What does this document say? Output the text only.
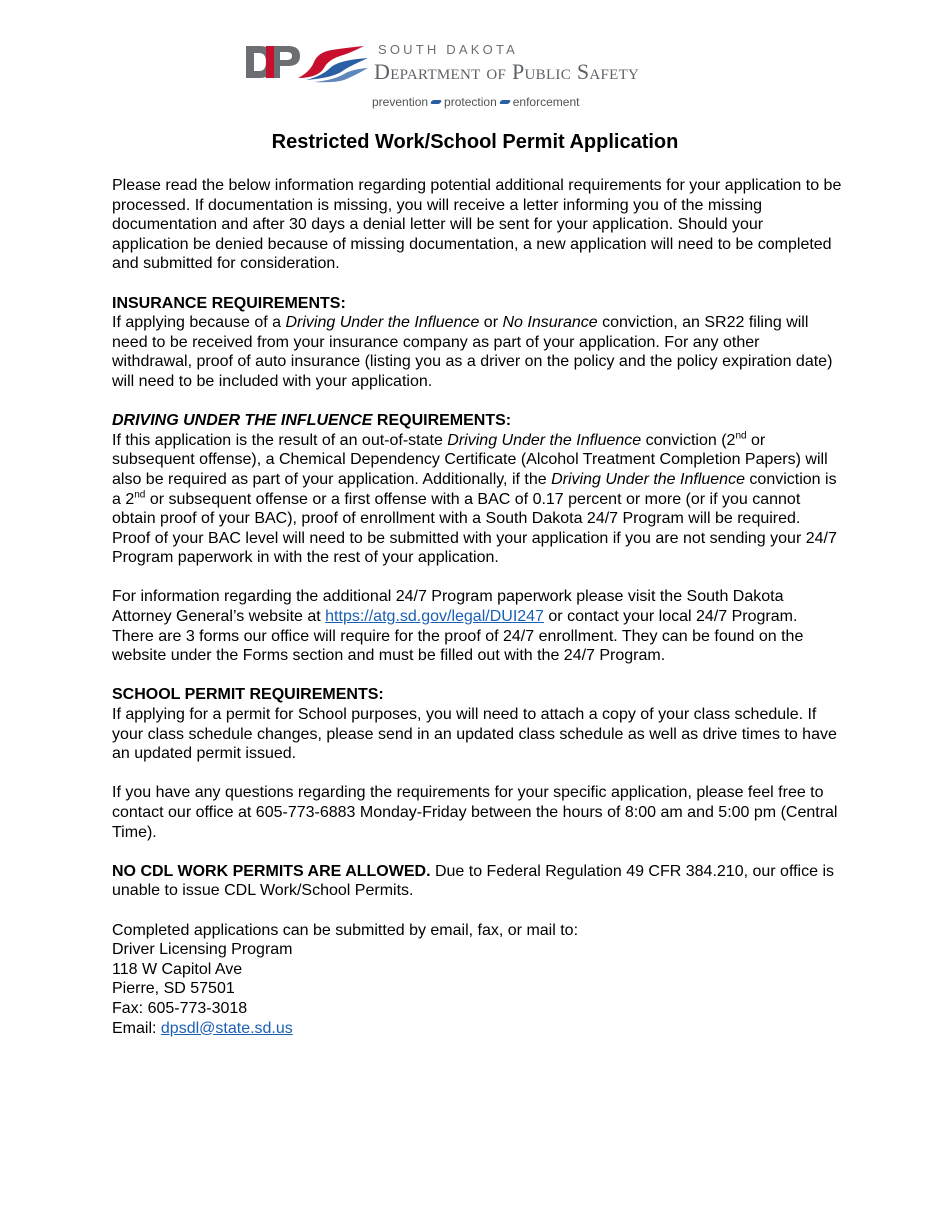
SOUTH DAKOTA
Department of Public Safety
prevention protection enforcement
Restricted Work/School Permit Application

Please read the below information regarding potential additional requirements for your application to be processed. If documentation is missing, you will receive a letter informing you of the missing documentation and after 30 days a denial letter will be sent for your application. Should your application be denied because of missing documentation, a new application will need to be completed and submitted for consideration.

INSURANCE REQUIREMENTS:
If applying because of a Driving Under the Influence or No Insurance conviction, an SR22 filing will need to be received from your insurance company as part of your application. For any other withdrawal, proof of auto insurance (listing you as a driver on the policy and the policy expiration date) will need to be included with your application.

DRIVING UNDER THE INFLUENCE REQUIREMENTS:
If this application is the result of an out-of-state Driving Under the Influence conviction (2nd or subsequent offense), a Chemical Dependency Certificate (Alcohol Treatment Completion Papers) will also be required as part of your application. Additionally, if the Driving Under the Influence conviction is a 2nd or subsequent offense or a first offense with a BAC of 0.17 percent or more (or if you cannot obtain proof of your BAC), proof of enrollment with a South Dakota 24/7 Program will be required. Proof of your BAC level will need to be submitted with your application if you are not sending your 24/7 Program paperwork in with the rest of your application.

For information regarding the additional 24/7 Program paperwork please visit the South Dakota Attorney General’s website at https://atg.sd.gov/legal/DUI247 or contact your local 24/7 Program. There are 3 forms our office will require for the proof of 24/7 enrollment. They can be found on the website under the Forms section and must be filled out with the 24/7 Program.

SCHOOL PERMIT REQUIREMENTS:
If applying for a permit for School purposes, you will need to attach a copy of your class schedule. If your class schedule changes, please send in an updated class schedule as well as drive times to have an updated permit issued.

If you have any questions regarding the requirements for your specific application, please feel free to contact our office at 605-773-6883 Monday-Friday between the hours of 8:00 am and 5:00 pm (Central Time).

NO CDL WORK PERMITS ARE ALLOWED. Due to Federal Regulation 49 CFR 384.210, our office is unable to issue CDL Work/School Permits.

Completed applications can be submitted by email, fax, or mail to:
Driver Licensing Program
118 W Capitol Ave
Pierre, SD 57501
Fax: 605-773-3018
Email: dpsdl@state.sd.us
